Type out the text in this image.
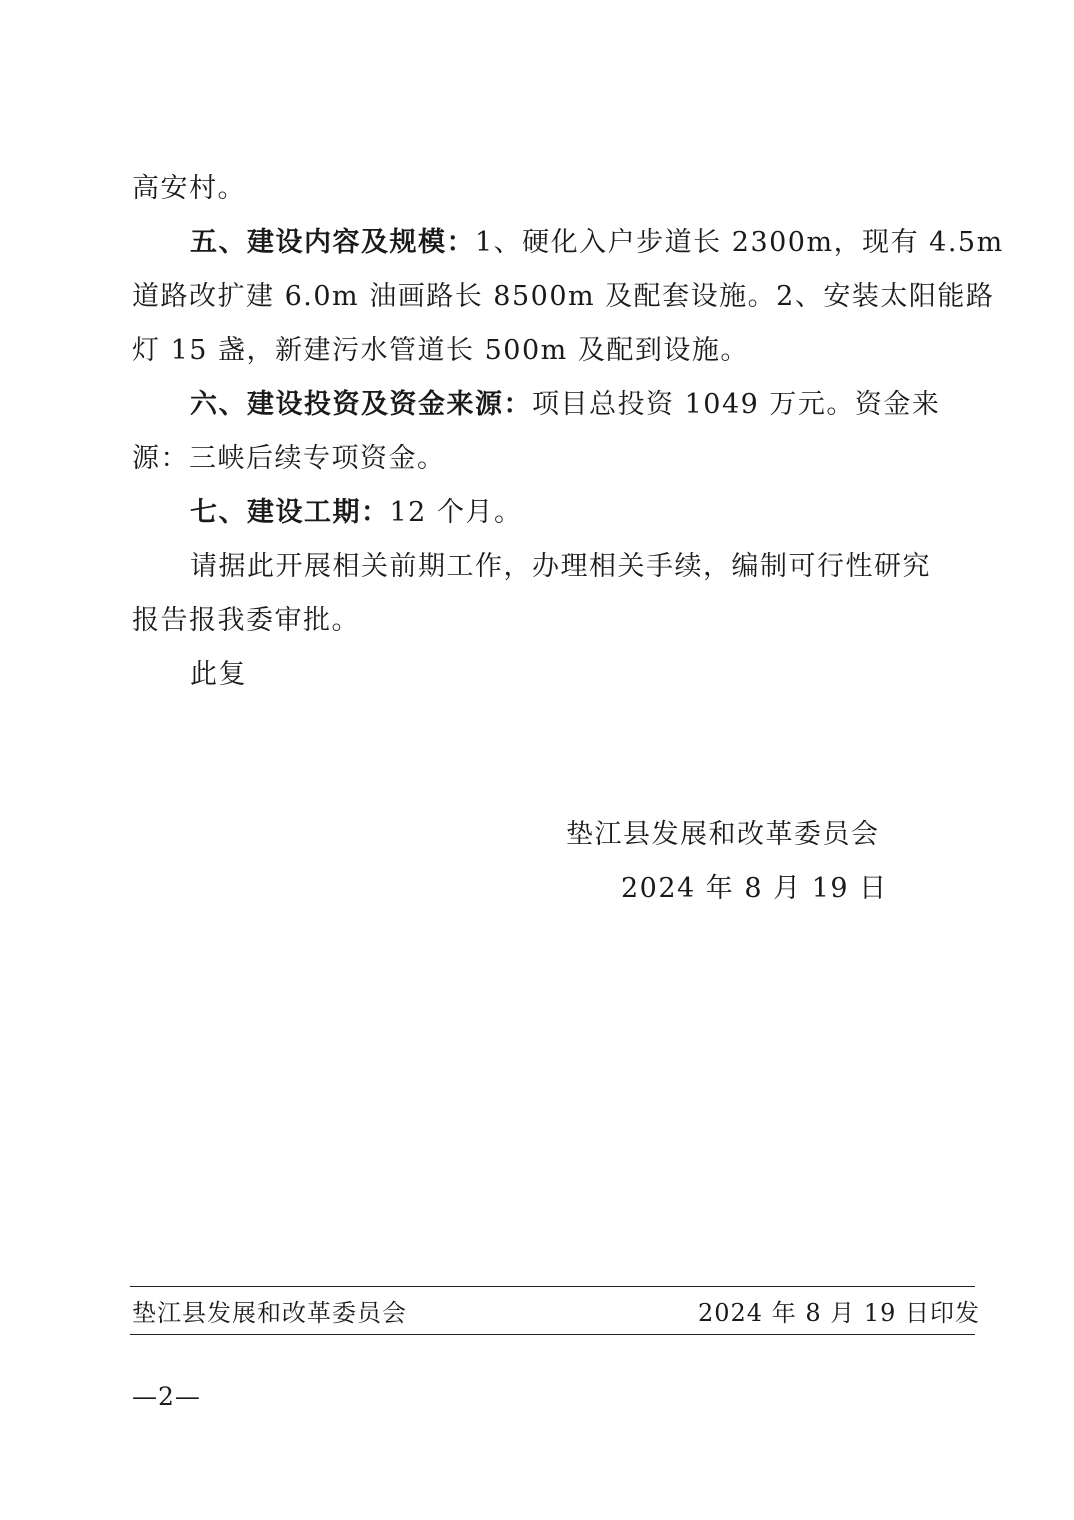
高安村。
五、建设内容及规模：1、硬化入户步道长 2300m，现有 4.5m
道路改扩建 6.0m 油画路长 8500m 及配套设施。2、安装太阳能路
灯 15 盏，新建污水管道长 500m 及配到设施。
六、建设投资及资金来源：项目总投资 1049 万元。资金来
源：三峡后续专项资金。
七、建设工期：12 个月。
请据此开展相关前期工作，办理相关手续，编制可行性研究
报告报我委审批。
此复
垫江县发展和改革委员会
2024 年 8 月 19 日
垫江县发展和改革委员会	2024 年 8 月 19 日印发
—2—
